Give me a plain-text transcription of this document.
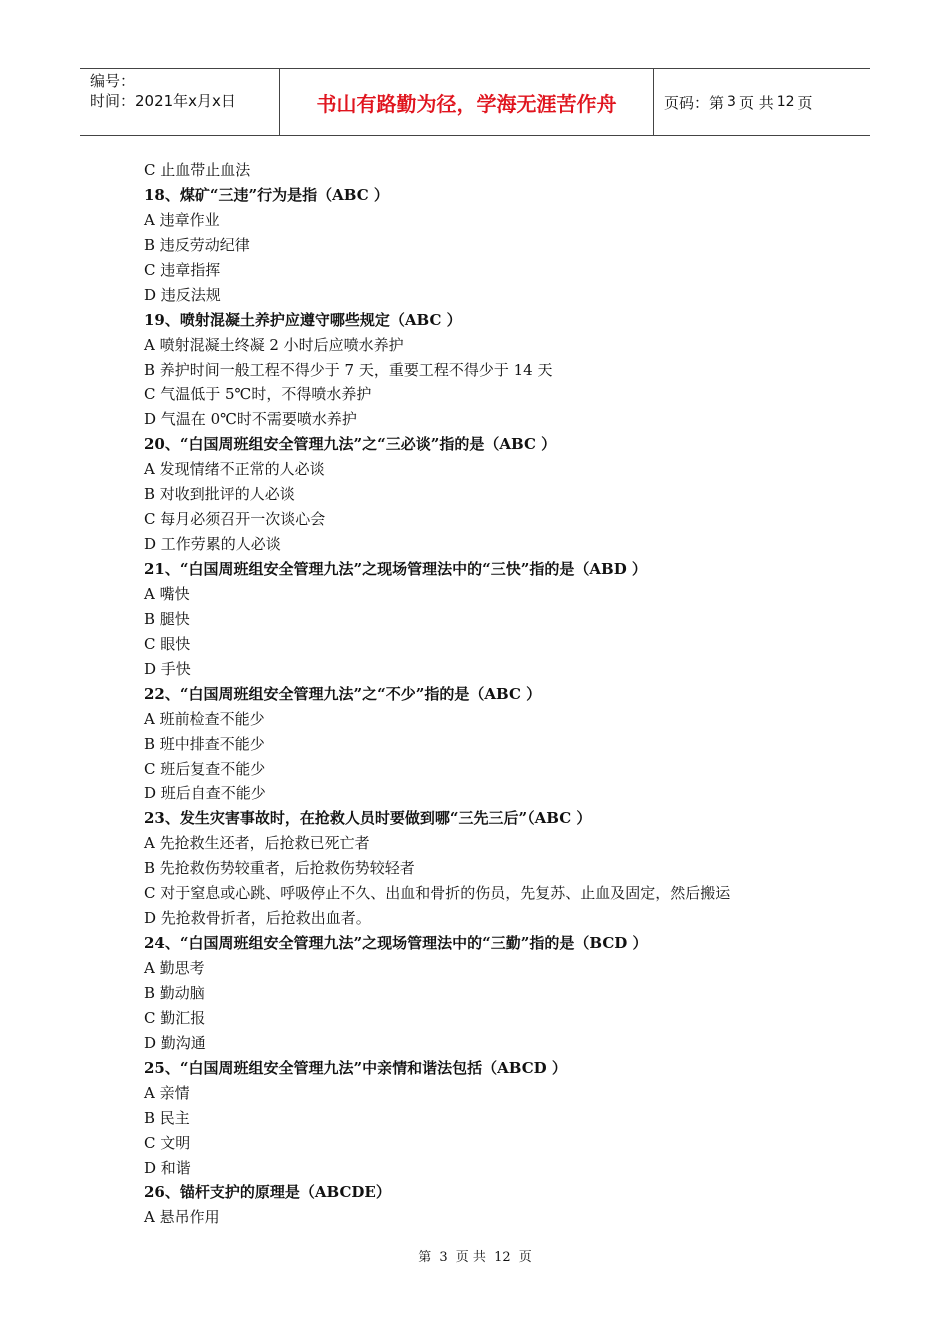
编号：
时间：2021年x月x日	书山有路勤为径，学海无涯苦作舟	页码：第 3 页 共 12 页
C 止血带止血法
18、煤矿“三违”行为是指（ABC ）
A 违章作业
B 违反劳动纪律
C 违章指挥
D 违反法规
19、喷射混凝土养护应遵守哪些规定（ABC ）
A 喷射混凝土终凝 2 小时后应喷水养护
B 养护时间一般工程不得少于 7 天，重要工程不得少于 14 天
C 气温低于 5℃时，不得喷水养护
D 气温在 0℃时不需要喷水养护
20、“白国周班组安全管理九法”之“三必谈”指的是（ABC ）
A 发现情绪不正常的人必谈
B 对收到批评的人必谈
C 每月必须召开一次谈心会
D 工作劳累的人必谈
21、“白国周班组安全管理九法”之现场管理法中的“三快”指的是（ABD ）
A 嘴快
B 腿快
C 眼快
D 手快
22、“白国周班组安全管理九法”之“不少”指的是（ABC ）
A 班前检查不能少
B 班中排查不能少
C 班后复查不能少
D 班后自查不能少
23、发生灾害事故时，在抢救人员时要做到哪“三先三后”（ABC ）
A 先抢救生还者，后抢救已死亡者
B 先抢救伤势较重者，后抢救伤势较轻者
C 对于窒息或心跳、呼吸停止不久、出血和骨折的伤员，先复苏、止血及固定，然后搬运
D 先抢救骨折者，后抢救出血者。
24、“白国周班组安全管理九法”之现场管理法中的“三勤”指的是（BCD ）
A 勤思考
B 勤动脑
C 勤汇报
D 勤沟通
25、“白国周班组安全管理九法”中亲情和谐法包括（ABCD ）
A 亲情
B 民主
C 文明
D 和谐
26、锚杆支护的原理是（ABCDE）
A 悬吊作用
第 3 页 共 12 页
